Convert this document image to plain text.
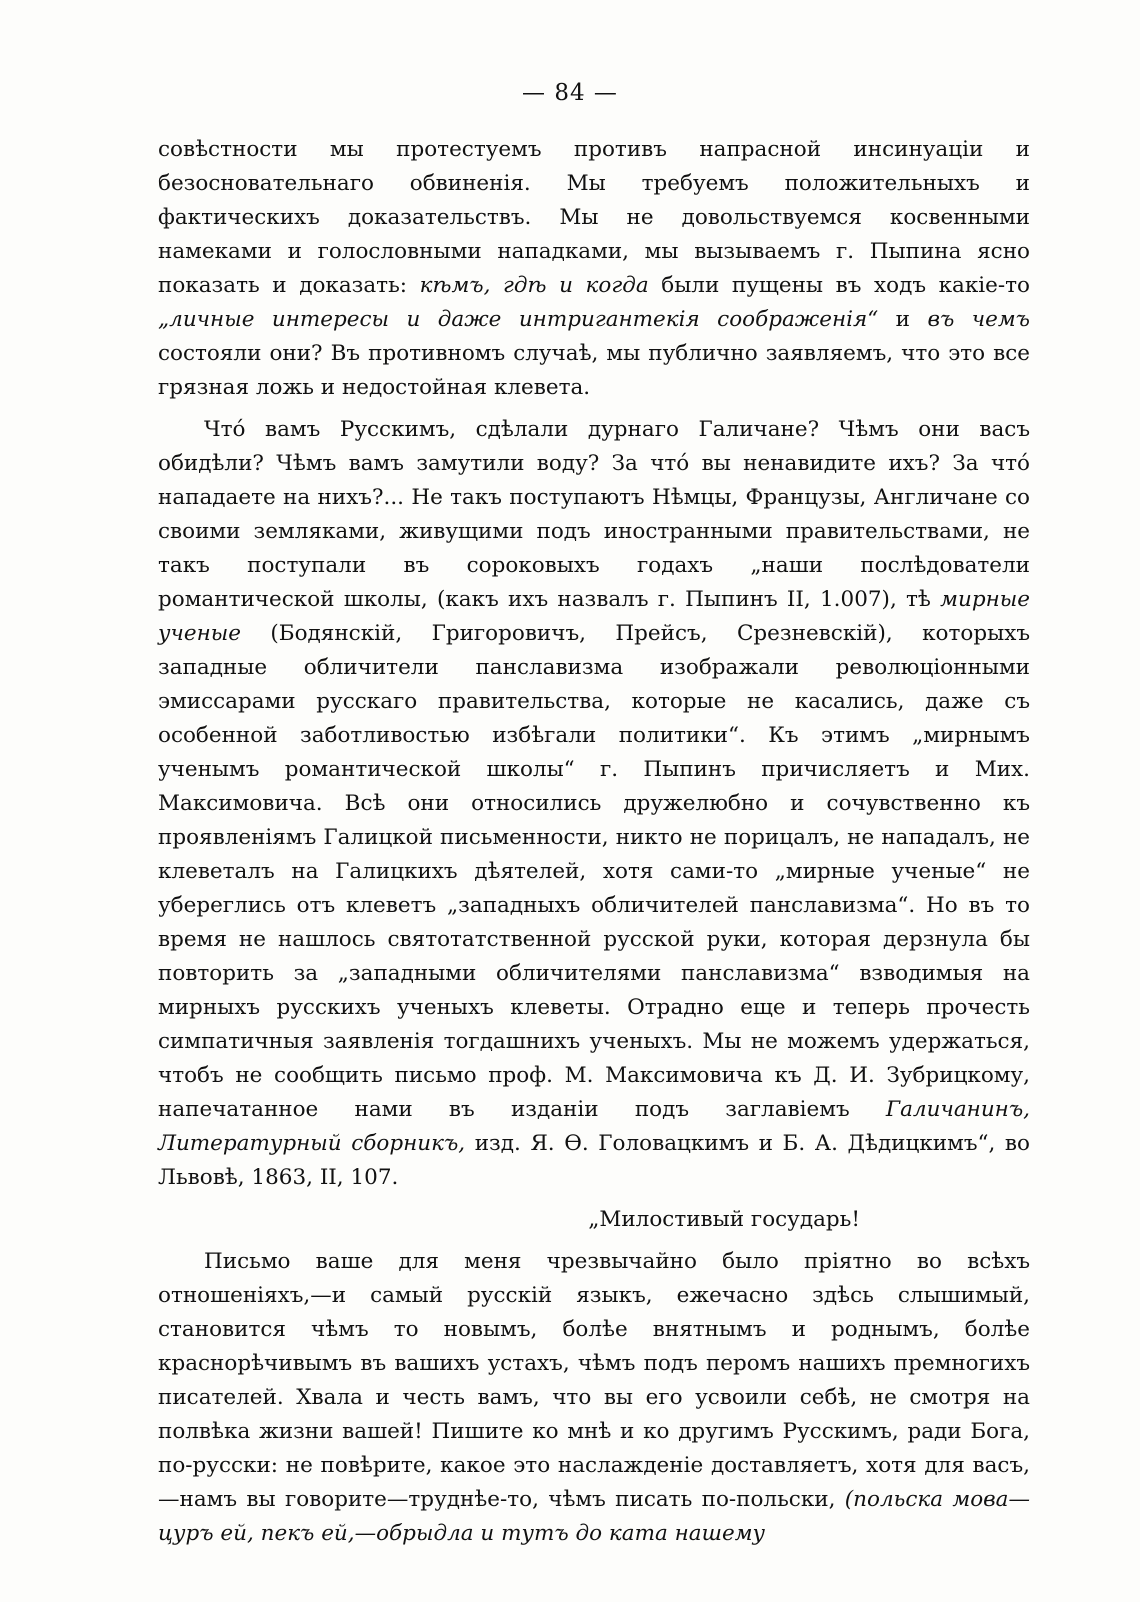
— 84 —

совѣстности мы протестуемъ противъ напрасной инсинуацiи и безосновательнаго обвиненiя. Мы требуемъ положительныхъ и фактическихъ доказательствъ. Мы не довольствуемся косвенными намеками и голословными нападками, мы вызываемъ г. Пыпина ясно показать и доказать: кѣмъ, гдѣ и когда были пущены въ ходъ какiе-то „личные интересы и даже интригантекiя соображенiя“ и въ чемъ состояли они? Въ противномъ случаѣ, мы публично заявляемъ, что это все грязная ложь и недостойная клевета.

Чтó вамъ Русскимъ, сдѣлали дурнаго Галичане? Чѣмъ они васъ обидѣли? Чѣмъ вамъ замутили воду? За чтó вы ненавидите ихъ? За чтó нападаете на нихъ?... Не такъ поступаютъ Нѣмцы, Французы, Англичане со своими земляками, живущими подъ иностранными правительствами, не такъ поступали въ сороковыхъ годахъ „наши послѣдователи романтической школы, (какъ ихъ назвалъ г. Пыпинъ II, 1.007), тѣ мирные ученые (Бодянскiй, Григоровичъ, Прейсъ, Срезневскiй), которыхъ западные обличители панславизма изображали революцiонными эмиссарами русскаго правительства, которые не касались, даже съ особенной заботливостью избѣгали политики“. Къ этимъ „мирнымъ ученымъ романтической школы“ г. Пыпинъ причисляетъ и Мих. Максимовича. Всѣ они относились дружелюбно и сочувственно къ проявленiямъ Галицкой письменности, никто не порицалъ, не нападалъ, не клеветалъ на Галицкихъ дѣятелей, хотя сами-то „мирные ученые“ не уберeглись отъ клеветъ „западныхъ обличителей панславизма“. Но въ то время не нашлось святотатственной русской руки, которая дерзнула бы повторить за „западными обличителями панславизма“ взводимыя на мирныхъ русскихъ ученыхъ клеветы. Отрадно еще и теперь прочесть симпатичныя заявленiя тогдашнихъ ученыхъ. Мы не можемъ удержаться, чтобъ не сообщить письмо проф. М. Максимовича къ Д. И. Зубрицкому, напечатанное нами въ изданiи подъ заглавiемъ Галичанинъ, Литературный сборникъ, изд. Я. Ѳ. Головацкимъ и Б. А. Дѣдицкимъ“, во Львовѣ, 1863, II, 107.

„Милостивый государь!

Письмо ваше для меня чрезвычайно было прiятно во всѣхъ отношенiяхъ,—и самый русскiй языкъ, ежечасно здѣсь слышимый, становится чѣмъ то новымъ, болѣе внятнымъ и роднымъ, болѣе краснорѣчивымъ въ вашихъ устахъ, чѣмъ подъ перомъ нашихъ премногихъ писателей. Хвала и честь вамъ, что вы его усвоили себѣ, не смотря на полвѣка жизни вашей! Пишите ко мнѣ и ко другимъ Русскимъ, ради Бога, по-русски: не повѣрите, какое это наслажденiе доставляетъ, хотя для васъ,—намъ вы говорите—труднѣе-то, чѣмъ писать по-польски, (польска мова—цуръ ей, пекъ ей,—обрыдла и тутъ до ката нашему
